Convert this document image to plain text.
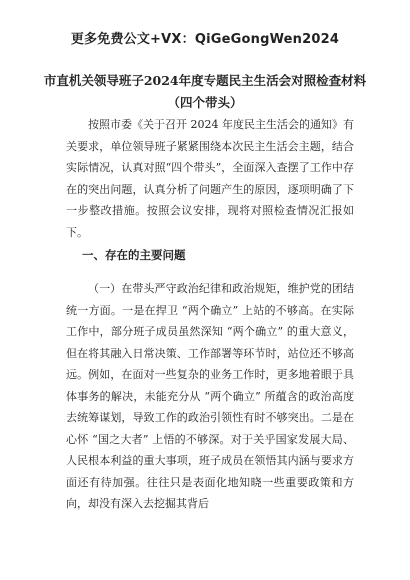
更多免费公文+VX：QiGeGongWen2024
市直机关领导班子2024年度专题民主生活会对照检查材料
（四个带头）
按照市委《关于召开 2024 年度民主生活会的通知》有关要求，单位领导班子紧紧围绕本次民主生活会主题，结合实际情况，认真对照“四个带头”，全面深入查摆了工作中存在的突出问题，认真分析了问题产生的原因，逐项明确了下一步整改措施。按照会议安排，现将对照检查情况汇报如下。
一、存在的主要问题
（一）在带头严守政治纪律和政治规矩，维护党的团结统一方面。一是在捍卫 “两个确立” 上站的不够高。在实际工作中，部分班子成员虽然深知 “两个确立” 的重大意义，但在将其融入日常决策、工作部署等环节时，站位还不够高远。例如，在面对一些复杂的业务工作时，更多地着眼于具体事务的解决，未能充分从 “两个确立” 所蕴含的政治高度去统筹谋划，导致工作的政治引领性有时不够突出。二是在心怀 “国之大者” 上悟的不够深。对于关乎国家发展大局、人民根本利益的重大事项，班子成员在领悟其内涵与要求方面还有待加强。往往只是表面化地知晓一些重要政策和方向，却没有深入去挖掘其背后
